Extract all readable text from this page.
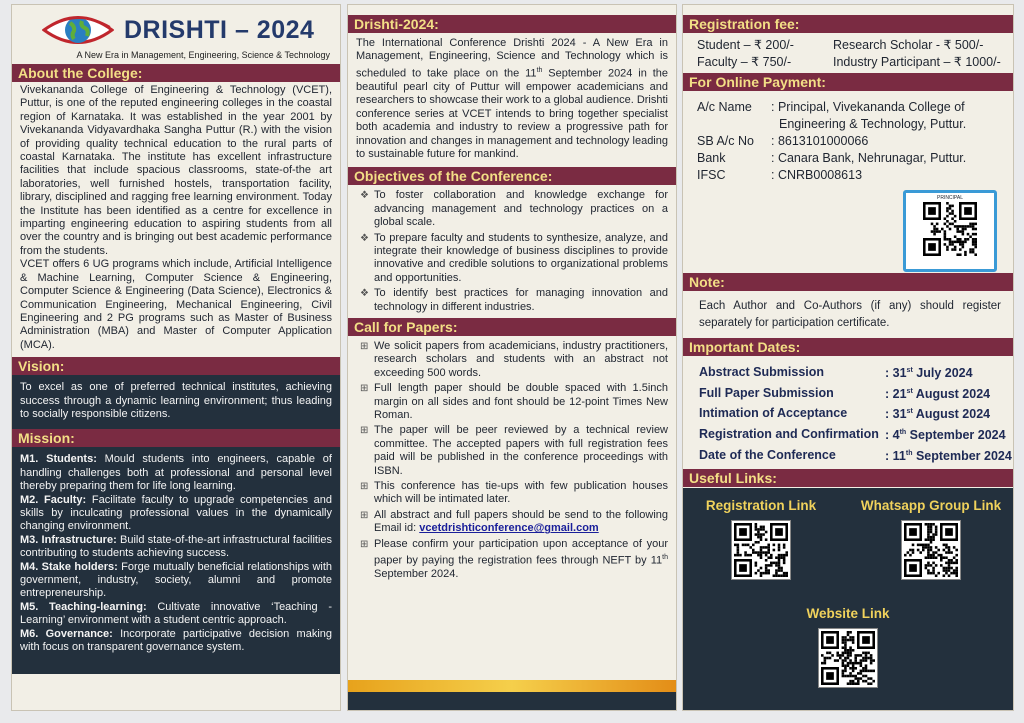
DRISHTI – 2024
A New Era in Management, Engineering, Science & Technology
About the College:
Vivekananda College of Engineering & Technology (VCET), Puttur, is one of the reputed engineering colleges in the coastal region of Karnataka. It was established in the year 2001 by Vivekananda Vidyavardhaka Sangha Puttur (R.) with the vision of providing quality technical education to the rural parts of coastal Karnataka. The institute has excellent infrastructure facilities that include spacious classrooms, state-of-the art laboratories, well furnished hostels, transportation facility, library, disciplined and ragging free learning environment. Today the Institute has been identified as a centre for excellence in imparting engineering education to aspiring students from all over the country and is bringing out best academic performance from the students.
VCET offers 6 UG programs which include, Artificial Intelligence & Machine Learning, Computer Science & Engineering, Computer Science & Engineering (Data Science), Electronics & Communication Engineering, Mechanical Engineering, Civil Engineering and 2 PG programs such as Master of Business Administration (MBA) and Master of Computer Application (MCA).
Vision:
To excel as one of preferred technical institutes, achieving success through a dynamic learning environment; thus leading to socially responsible citizens.
Mission:
M1. Students: Mould students into engineers, capable of handling challenges both at professional and personal level thereby preparing them for life long learning.
M2. Faculty: Facilitate faculty to upgrade competencies and skills by inculcating professional values in the dynamically changing environment.
M3. Infrastructure: Build state-of-the-art infrastructural facilities contributing to students achieving success.
M4. Stake holders: Forge mutually beneficial relationships with government, industry, society, alumni and promote entrepreneurship.
M5. Teaching-learning: Cultivate innovative ‘Teaching - Learning’ environment with a student centric approach.
M6. Governance: Incorporate participative decision making with focus on transparent governance system.
Drishti-2024:
The International Conference Drishti 2024 - A New Era in Management, Engineering, Science and Technology which is scheduled to take place on the 11th September 2024 in the beautiful pearl city of Puttur will empower academicians and researchers to showcase their work to a global audience. Drishti conference series at VCET intends to bring together specialist both academia and industry to review a progressive path for innovation and changes in management and technology leading to sustainable future for mankind.
Objectives of the Conference:
❖ To foster collaboration and knowledge exchange for advancing management and technology practices on a global scale.
❖ To prepare faculty and students to synthesize, analyze, and integrate their knowledge of business disciplines to provide innovative and credible solutions to organizational problems and opportunities.
❖ To identify best practices for managing innovation and technology in different industries.
Call for Papers:
⊞ We solicit papers from academicians, industry practitioners, research scholars and students with an abstract not exceeding 500 words.
⊞ Full length paper should be double spaced with 1.5inch margin on all sides and font should be 12-point Times New Roman.
⊞ The paper will be peer reviewed by a technical review committee. The accepted papers with full registration fees paid will be published in the conference proceedings with ISBN.
⊞ This conference has tie-ups with few publication houses which will be intimated later.
⊞ All abstract and full papers should be send to the following Email id: vcetdrishticonference@gmail.com
⊞ Please confirm your participation upon acceptance of your paper by paying the registration fees through NEFT by 11th September 2024.
Registration fee:
Student – ₹ 200/-	Research Scholar - ₹ 500/-
Faculty – ₹ 750/-	Industry Participant – ₹ 1000/-
For Online Payment:
A/c Name	: Principal, Vivekananda College of
	Engineering & Technology, Puttur.
SB A/c No	: 8613101000066
Bank	: Canara Bank, Nehrunagar, Puttur.
IFSC	: CNRB0008613
PRINCIPAL
Note:
Each Author and Co-Authors (if any) should register separately for participation certificate.
Important Dates:
Abstract Submission	: 31st July 2024
Full Paper Submission	: 21st August 2024
Intimation of Acceptance	: 31st August 2024
Registration and Confirmation	: 4th September 2024
Date of the Conference	: 11th September 2024
Useful Links:
Registration Link	Whatsapp Group Link
Website Link
